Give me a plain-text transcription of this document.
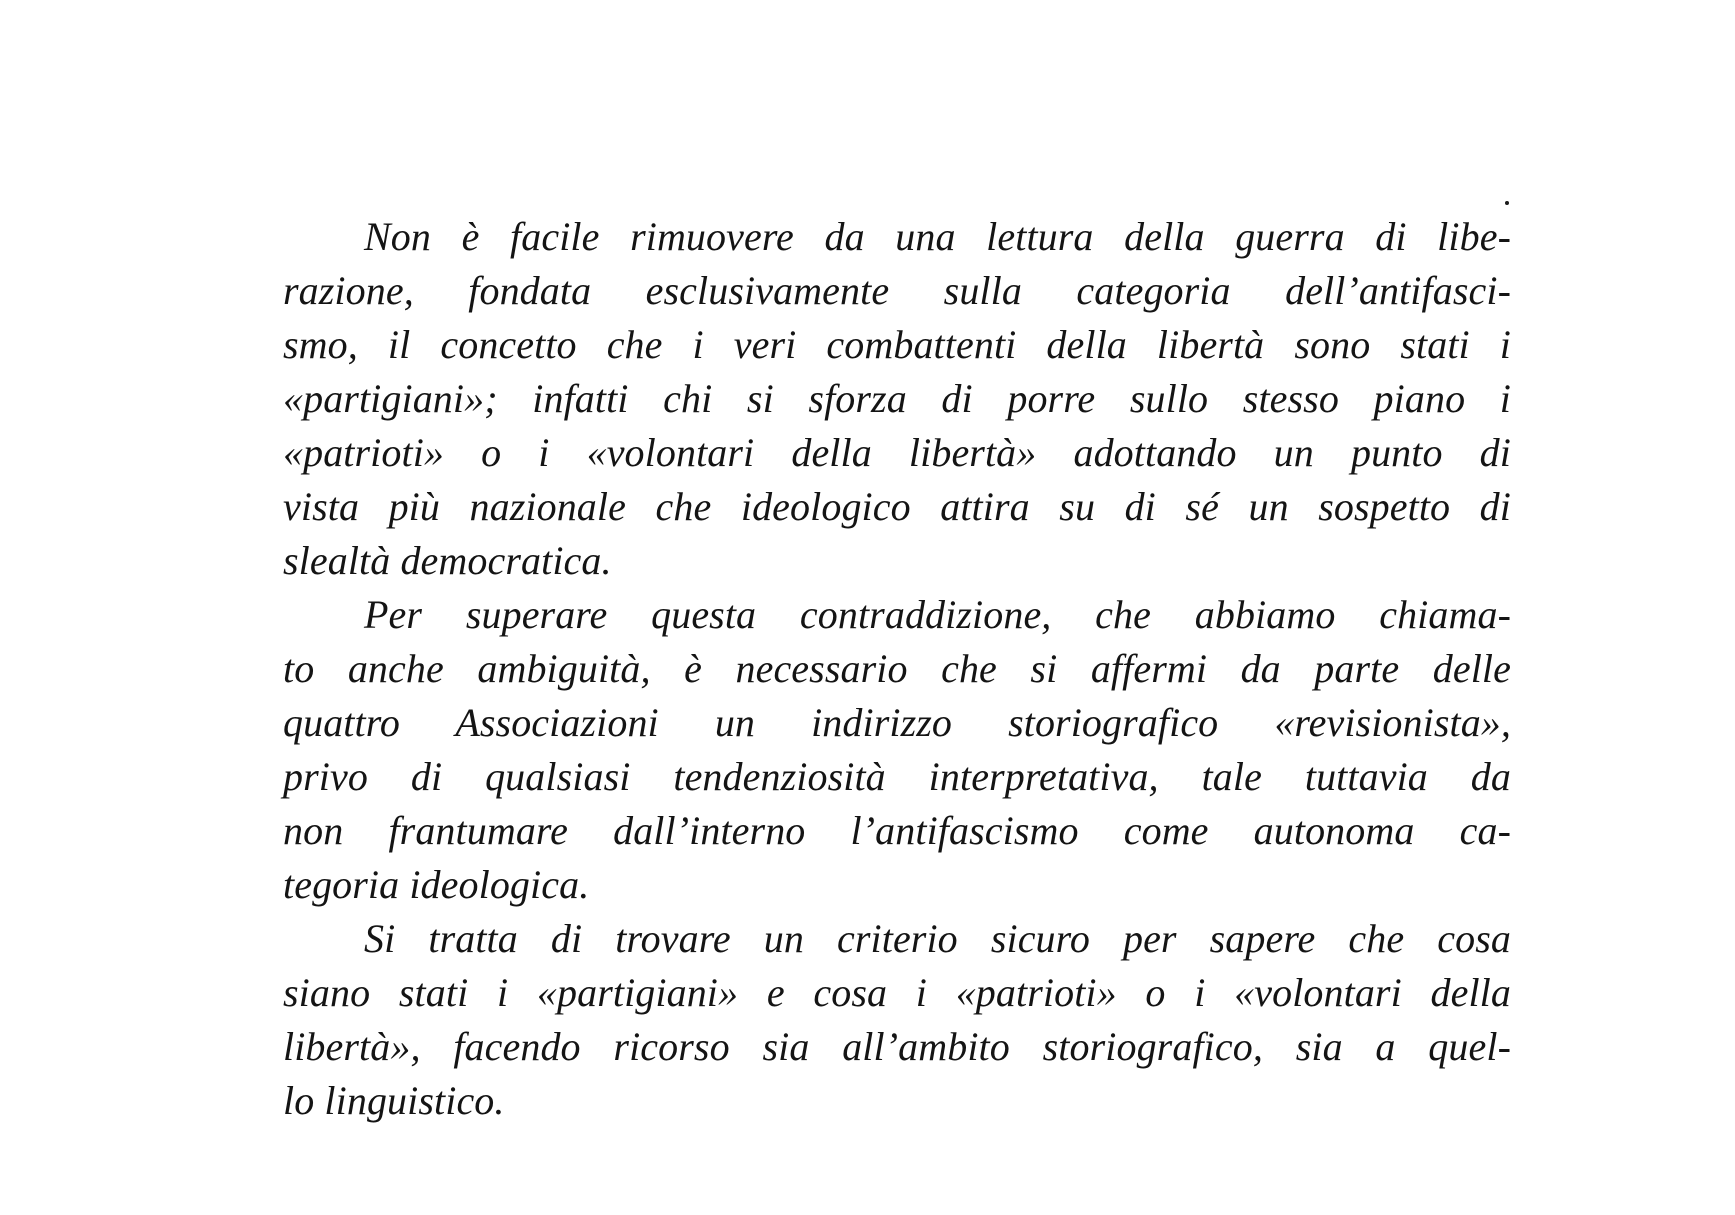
Non è facile rimuovere da una lettura della guerra di libe-
razione, fondata esclusivamente sulla categoria dell’antifasci-
smo, il concetto che i veri combattenti della libertà sono stati i
«partigiani»; infatti chi si sforza di porre sullo stesso piano i
«patrioti» o i «volontari della libertà» adottando un punto di
vista più nazionale che ideologico attira su di sé un sospetto di
slealtà democratica.
Per superare questa contraddizione, che abbiamo chiama-
to anche ambiguità, è necessario che si affermi da parte delle
quattro Associazioni un indirizzo storiografico «revisionista»,
privo di qualsiasi tendenziosità interpretativa, tale tuttavia da
non frantumare dall’interno l’antifascismo come autonoma ca-
tegoria ideologica.
Si tratta di trovare un criterio sicuro per sapere che cosa
siano stati i «partigiani» e cosa i «patrioti» o i «volontari della
libertà», facendo ricorso sia all’ambito storiografico, sia a quel-
lo linguistico.
